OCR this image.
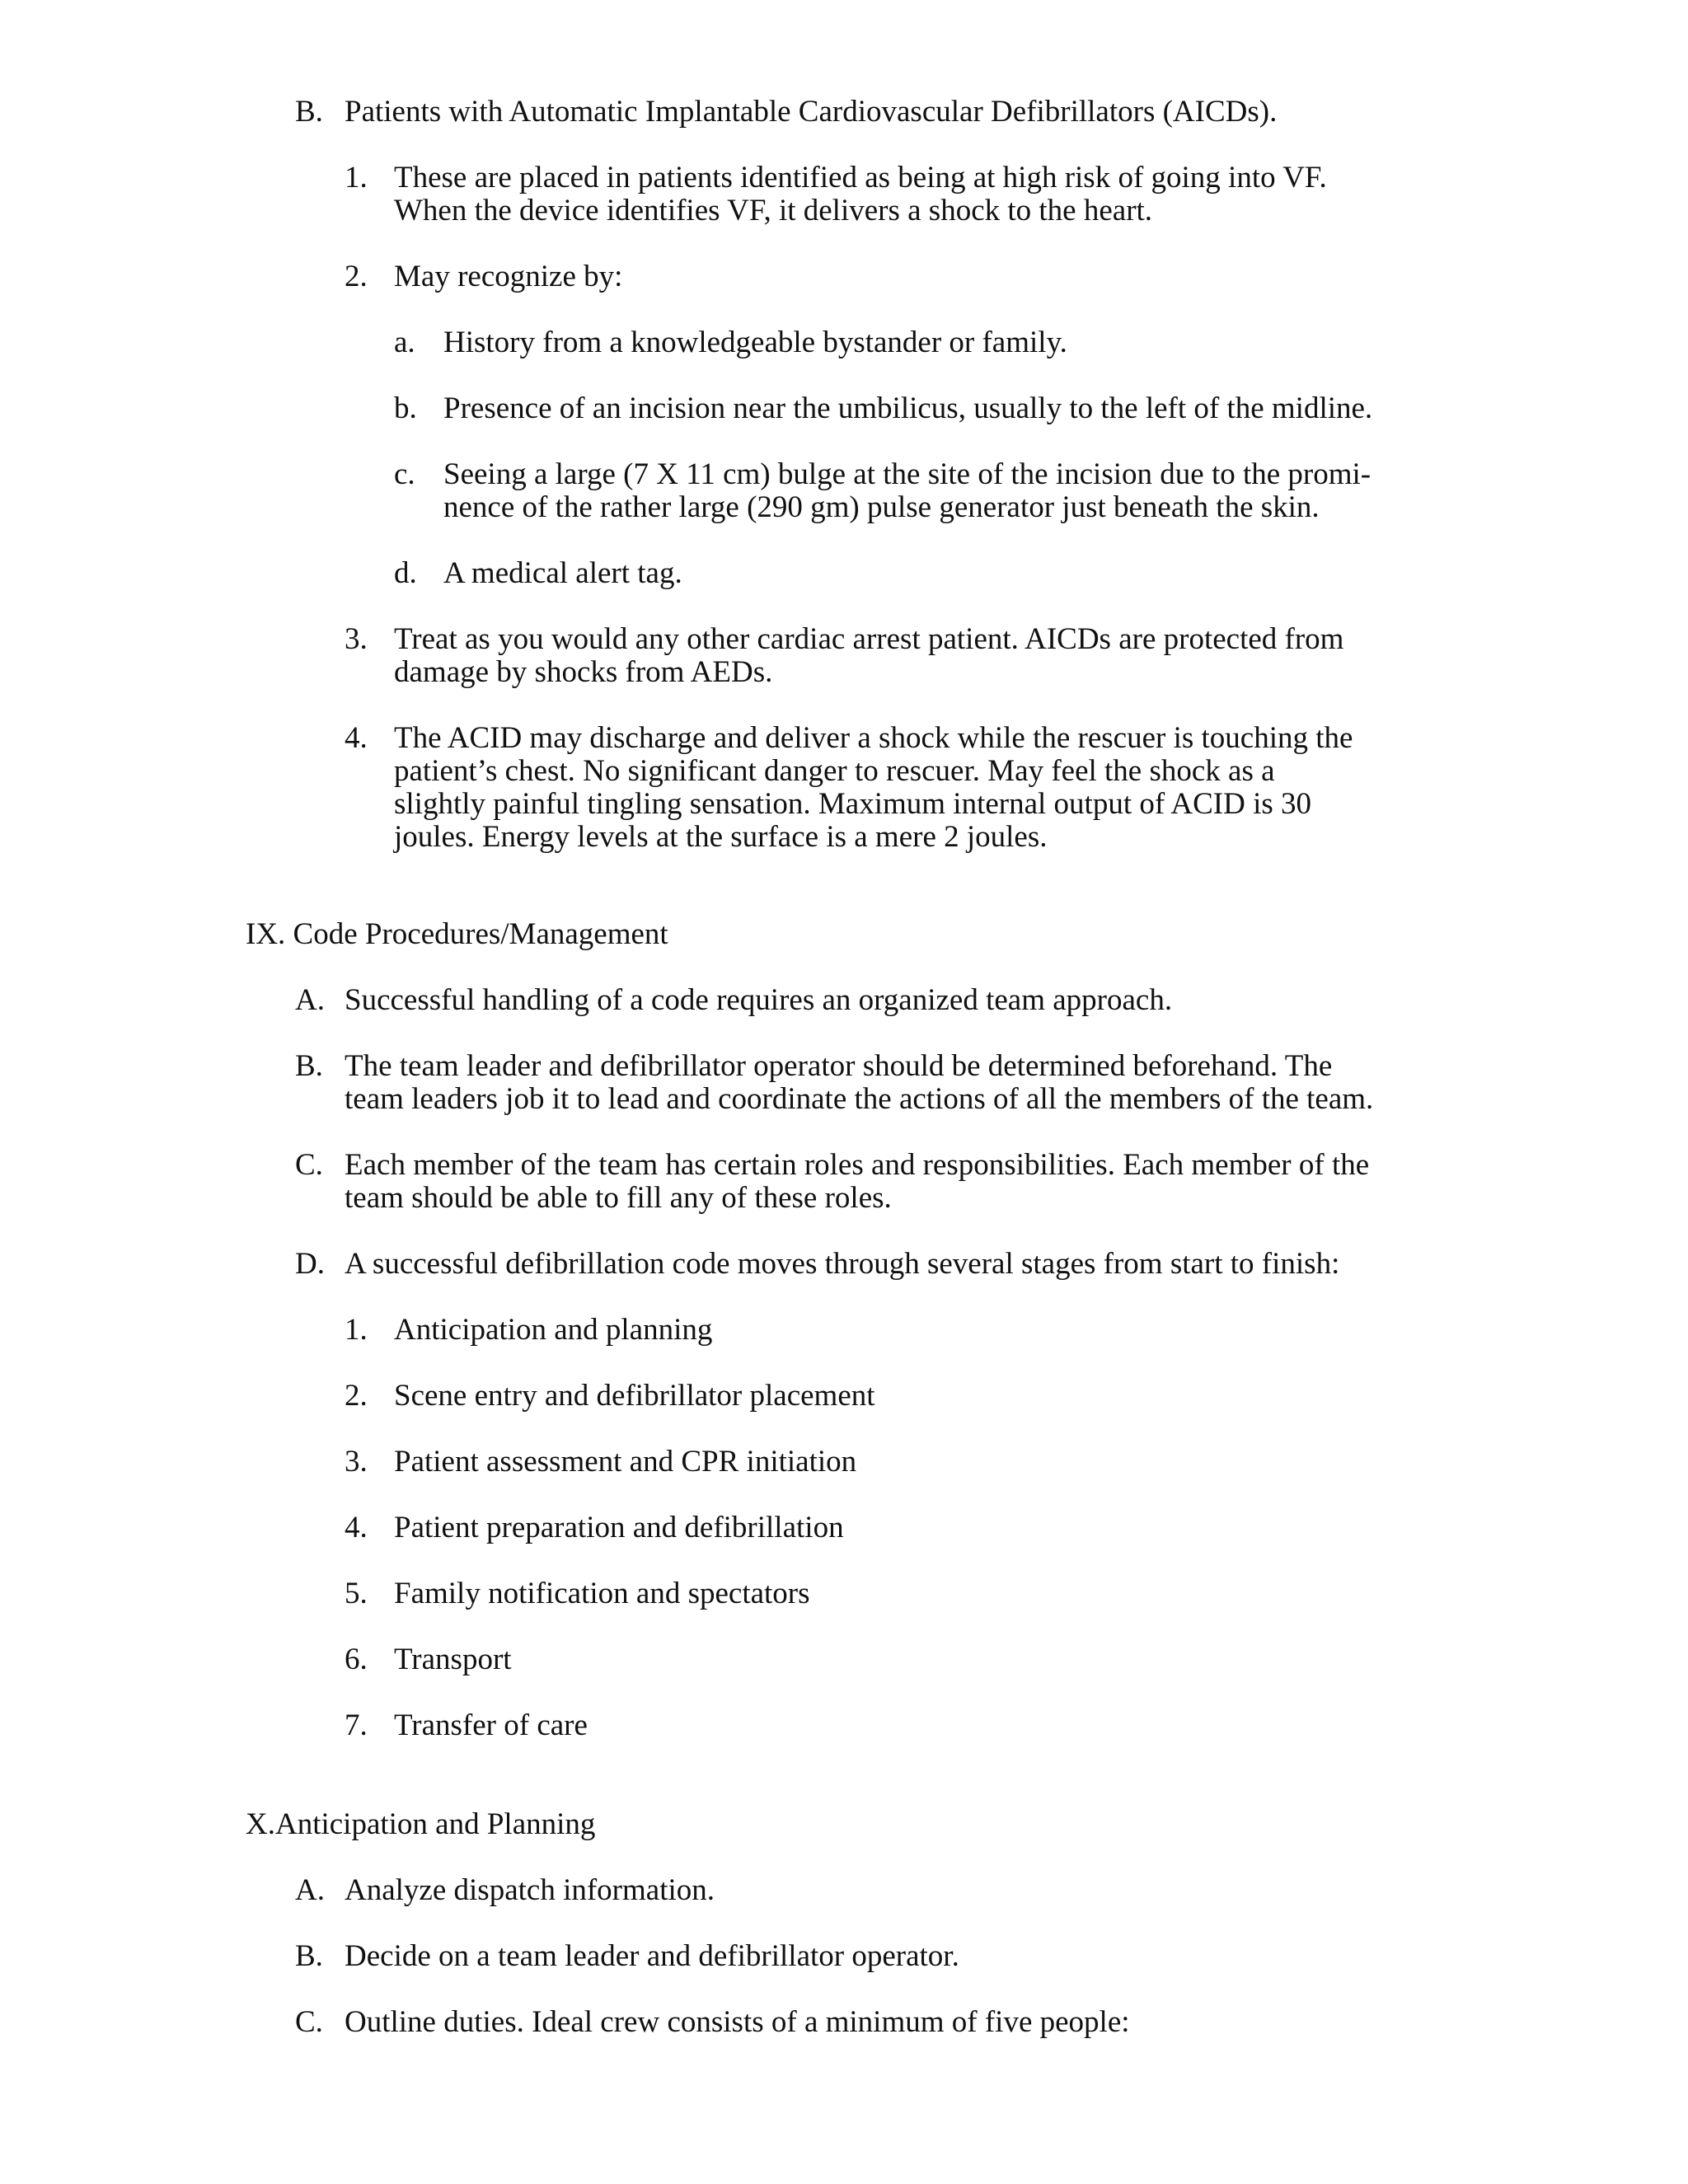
B. Patients with Automatic Implantable Cardiovascular Defibrillators (AICDs).
1. These are placed in patients identified as being at high risk of going into VF.
When the device identifies VF, it delivers a shock to the heart.
2. May recognize by:
a. History from a knowledgeable bystander or family.
b. Presence of an incision near the umbilicus, usually to the left of the midline.
c. Seeing a large (7 X 11 cm) bulge at the site of the incision due to the promi-
nence of the rather large (290 gm) pulse generator just beneath the skin.
d. A medical alert tag.
3. Treat as you would any other cardiac arrest patient. AICDs are protected from
damage by shocks from AEDs.
4. The ACID may discharge and deliver a shock while the rescuer is touching the
patient’s chest. No significant danger to rescuer. May feel the shock as a
slightly painful tingling sensation. Maximum internal output of ACID is 30
joules. Energy levels at the surface is a mere 2 joules.
IX. Code Procedures/Management
A. Successful handling of a code requires an organized team approach.
B. The team leader and defibrillator operator should be determined beforehand. The
team leaders job it to lead and coordinate the actions of all the members of the team.
C. Each member of the team has certain roles and responsibilities. Each member of the
team should be able to fill any of these roles.
D. A successful defibrillation code moves through several stages from start to finish:
1. Anticipation and planning
2. Scene entry and defibrillator placement
3. Patient assessment and CPR initiation
4. Patient preparation and defibrillation
5. Family notification and spectators
6. Transport
7. Transfer of care
X.Anticipation and Planning
A. Analyze dispatch information.
B. Decide on a team leader and defibrillator operator.
C. Outline duties. Ideal crew consists of a minimum of five people:
